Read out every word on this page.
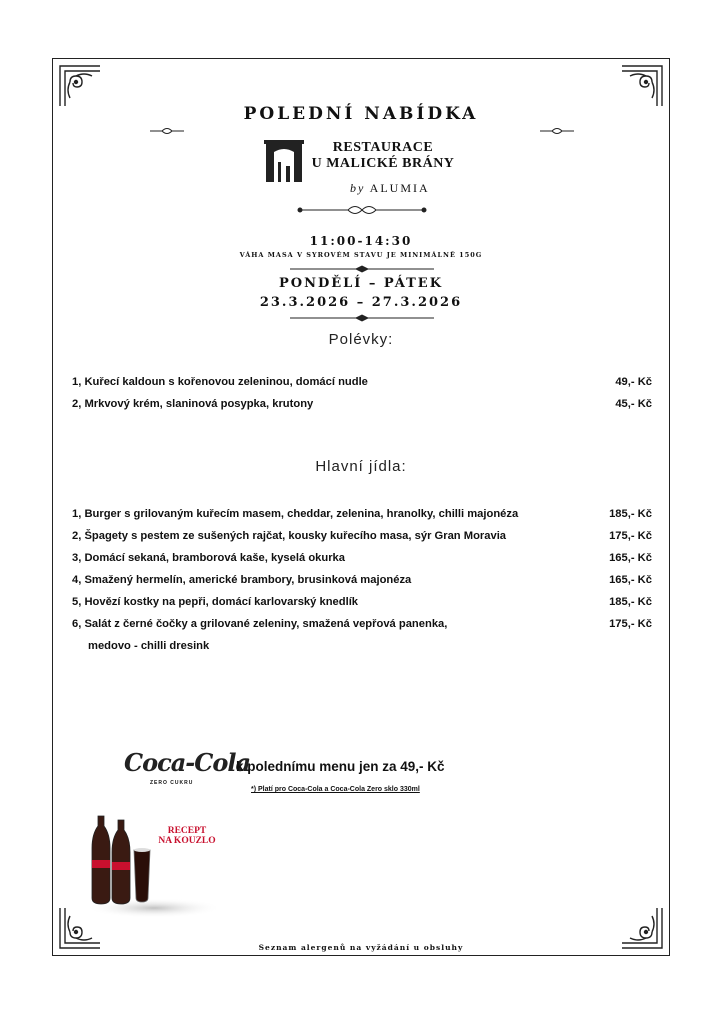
POLEDNÍ NABÍDKA
RESTAURACE
U MALICKÉ BRÁNY
by ALUMIA
11:00-14:30
VÁHA MASA V SYROVÉM STAVU JE MINIMÁLNĚ 150G
PONDĚLÍ – PÁTEK
23.3.2026 – 27.3.2026
Polévky:
1, Kuřecí kaldoun s kořenovou zeleninou, domácí nudle	49,- Kč
2, Mrkvový krém, slaninová posypka, krutony	45,- Kč
Hlavní jídla:
1, Burger s grilovaným kuřecím masem, cheddar, zelenina, hranolky, chilli majonéza	185,- Kč
2, Špagety s pestem ze sušených rajčat, kousky kuřecího masa, sýr Gran Moravia	175,- Kč
3, Domácí sekaná, bramborová kaše, kyselá okurka	165,- Kč
4, Smažený hermelín, americké brambory, brusinková majonéza	165,- Kč
5, Hovězí kostky na pepři, domácí karlovarský knedlík	185,- Kč
6, Salát z černé čočky a grilované zeleniny, smažená vepřová panenka,	175,- Kč
medovo - chilli dresink
Coca-Cola
ZERO CUKRU
k polednímu menu jen za 49,- Kč
*) Platí pro Coca-Cola a Coca-Cola Zero sklo 330ml
RECEPT
NA KOUZLO
Seznam alergenů na vyžádání u obsluhy
